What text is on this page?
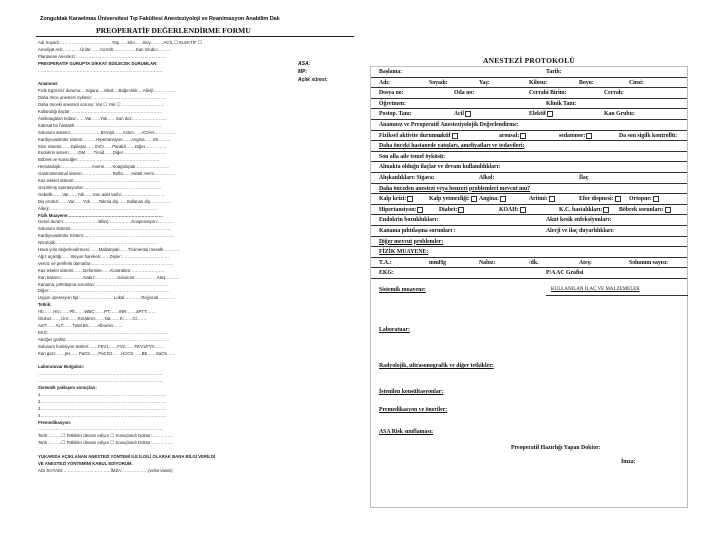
Zonguldak Karaelmas Üniversitesi Tıp Fakültesi Anesteziyoloji ve Reanimasyon Anabilim Dalı
PREOPERATİF DEĞERLENDİRME FORMU
ASA:
MP:
Açlık süresi:
Adı Soyadı:………………………………Yaş……Kilo……Boy………ACİL ☐ ELEKTİF ☐
Ameliyat Adı:…………Ünite:……Cerrah:……………Kan Grubu:………
Planlanan Anestezi:………………………………………………………
PREOPERATİF GURUPTA DİKKAT EDİLECEK DURUMLAR:
……………………………………………………………………………
Anamnez:
Fizik Egzersiz durumu:…Sigara:…Alkol:…Bağımlılık:…Allerji:……………
Daha önce anestezi öyküsü: ……………………………………………
Daha önceki anestezi sorunu: Var ☐ Yok ☐ …………………………
Kullandığı ilaçlar: ………………………………………………………
Antikoagülan tedavi:……Var……Yok……Son doz:……………………
Kalıtsal bir hastalık:……………………………………………………
Solunum sistemi:…………………Bronşit……Astım……KOAH……………
Kardiyovasküler sistem:………Hipertansiyon……Angina……MI………
Sinir sistemi:……Epilepsi……SVO……Paralizi……Diğer……………
Endokrin sistem:……DM……Tiroid……Diğer…………………………
Böbrek ve Karaciğer:…………………………………………………
Hematolojik:…………………Anemi……Koagülopati……………………
Gastrointestinal sistem:…………………Reflü……Hiatal Herni……………
Kas iskelet sistemi:……………………………………………………
Geçirilmiş operasyonlar:………………………………………………
Gebelik:……Var……Yok……Son adet tarihi:…………………………
Diş protezi:……Var……Yok……Takma diş……Sallanan diş……………
Allerji:…………………………………………………………………
Fizik Muayene:…………………………………………………………
Genel durum:……………………Bilinç:……………Kooperasyon:…………
Solunum Sistemi:……………………………………………………………
Kardiyovasküler Sistem:………………………………………………………
Nörolojik:………………………………………………………………
Hava yolu değerlendirmesi:……Mallampati……Tiromental mesafe…………
Ağız açıklığı:……Boyun hareketi:……Dişler:……………………………
Venöz ve periferik damarlar:…………………………………………………
Kas iskelet sistemi:……Deformite……Kontraktür……………………
Kan basıncı:……………Nabız:……………Solunum:……………Ateş:………
Kanama, pıhtılaşma sorunları:……………………………………………
Diğer:…………………………………………………………………………
Uygun operasyon tipi:……………………Lokal…………Rejyonal…………
Tetkik:
Hb:……Htc:……Plt:……WBC:……PT:……INR:……aPTT:……
Glukoz:……Üre:……Kreatinin:……Na:……K:……Cl:……
AST:……ALT:……Total Bil:……Albumin:……
EKG:…………………………………………………………………………
Akciğer grafisi:………………………………………………………………
Solunum fonksiyon testleri:……FEV1……FVC……FEV1/FVC……
Kan gazı:……pH……PaO2……PaCO2……HCO3……BE……SaO2……
Laboratuvar Bulguları:
……………………………………………………………………………
……………………………………………………………………………
Sistemik yaklaşım sonuçları:
1.……………………………………………………………………………
2.……………………………………………………………………………
3.……………………………………………………………………………
4.……………………………………………………………………………
Premedikasyon:
……………………………………………………………………………
Tarih:………☐ Tetkikler devam ediyor ☐ Sonuçlandı Doktor:……………
Tarih:………☐ Tetkikler devam ediyor ☐ Sonuçlandı Doktor:……………
YUKARIDA AÇIKLANAN ANESTEZİ YÖNTEMİ İLE İLGİLİ OLARAK BANA BİLGİ VERİLDİ
VE ANESTEZİ YÖNTEMİNİ KABUL EDİYORUM.
ADI SOYADI:……………………………İMZA:………………(velisi-vasisi)
ANESTEZİ PROTOKOLÜ
Başlama:	Tarih:
Adı:	Soyadı:	Yaş:	Kilosu:	Boyu:	Cinsi:
Dosya no:	Oda no:	Cerrahi Birim:	Cerrah:
Öğretmen:	Klinik Tanı:
Postop. Tanı:	Acil	Elektif	Kan Grubu:
Anamnez ve Preoperatif Anesteziyolojik Değerlendirme:
Fiziksel aktivite durumu:
aktif	arousal:	sedatonor:	Da son sigilk kontrollü:
Daha önceki hastanede yatışları, ameliyatları ve tedavileri:
Son alla aile temel öyküsü:
Almakta olduğu ilaçlar ve devam kullanıldıkları:
Alışkanlıkları: Sigara:	Alkol:	İlaç
Daha önceden anestezi veya benzeri problemleri mevcut mu?
Kalp krizi:	Kalp yetmezliği:	Angina:	Aritmi:	Efor dispnesi:	Ortopne:
Hipertansiyon:	Diabet:	KOAH:	K.C. hastalıkları:	Böbrek sorunları:
Endokrin bozuklukları:	Akut kesik enfeksiyonları:
Kanama pıhtılaşma sorunları :	Alerji ve ilaç duyarlılıkları:
Diğer mevcut problemler:
FİZİK MUAYENE:
T.A.:	mmHg	Nabız:	/dk.	Ateş:	Solunum sayısı:
EKG:	P/A AC Grafisi
Sistemik muayene:	KULLANILAN İLAÇ VE MALZEMELER
Laboratuar:
Radyolojik, ultrasonografik ve diğer tetkikler:
İstenilen konsültasyonlar:
Premedikasyon ve öneriler:
ASA Risk sınıflaması:
Preoperatif Hazırlığı Yapan Doktor:
İmza:
